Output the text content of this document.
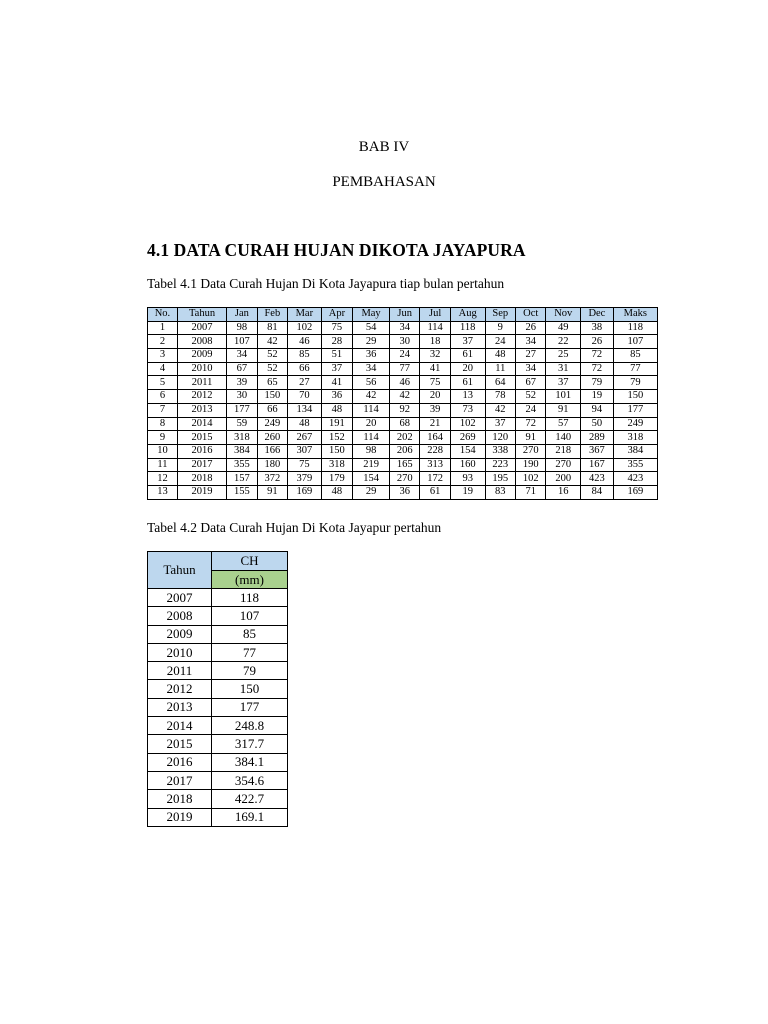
BAB IV
PEMBAHASAN
4.1 DATA CURAH HUJAN DIKOTA JAYAPURA
Tabel 4.1 Data Curah Hujan Di Kota Jayapura tiap bulan pertahun
No.	Tahun	Jan	Feb	Mar	Apr	May	Jun	Jul	Aug	Sep	Oct	Nov	Dec	Maks
1	2007	98	81	102	75	54	34	114	118	9	26	49	38	118
2	2008	107	42	46	28	29	30	18	37	24	34	22	26	107
3	2009	34	52	85	51	36	24	32	61	48	27	25	72	85
4	2010	67	52	66	37	34	77	41	20	11	34	31	72	77
5	2011	39	65	27	41	56	46	75	61	64	67	37	79	79
6	2012	30	150	70	36	42	42	20	13	78	52	101	19	150
7	2013	177	66	134	48	114	92	39	73	42	24	91	94	177
8	2014	59	249	48	191	20	68	21	102	37	72	57	50	249
9	2015	318	260	267	152	114	202	164	269	120	91	140	289	318
10	2016	384	166	307	150	98	206	228	154	338	270	218	367	384
11	2017	355	180	75	318	219	165	313	160	223	190	270	167	355
12	2018	157	372	379	179	154	270	172	93	195	102	200	423	423
13	2019	155	91	169	48	29	36	61	19	83	71	16	84	169
Tabel 4.2 Data Curah Hujan Di Kota Jayapur pertahun
Tahun	CH
	(mm)
2007	118
2008	107
2009	85
2010	77
2011	79
2012	150
2013	177
2014	248.8
2015	317.7
2016	384.1
2017	354.6
2018	422.7
2019	169.1
